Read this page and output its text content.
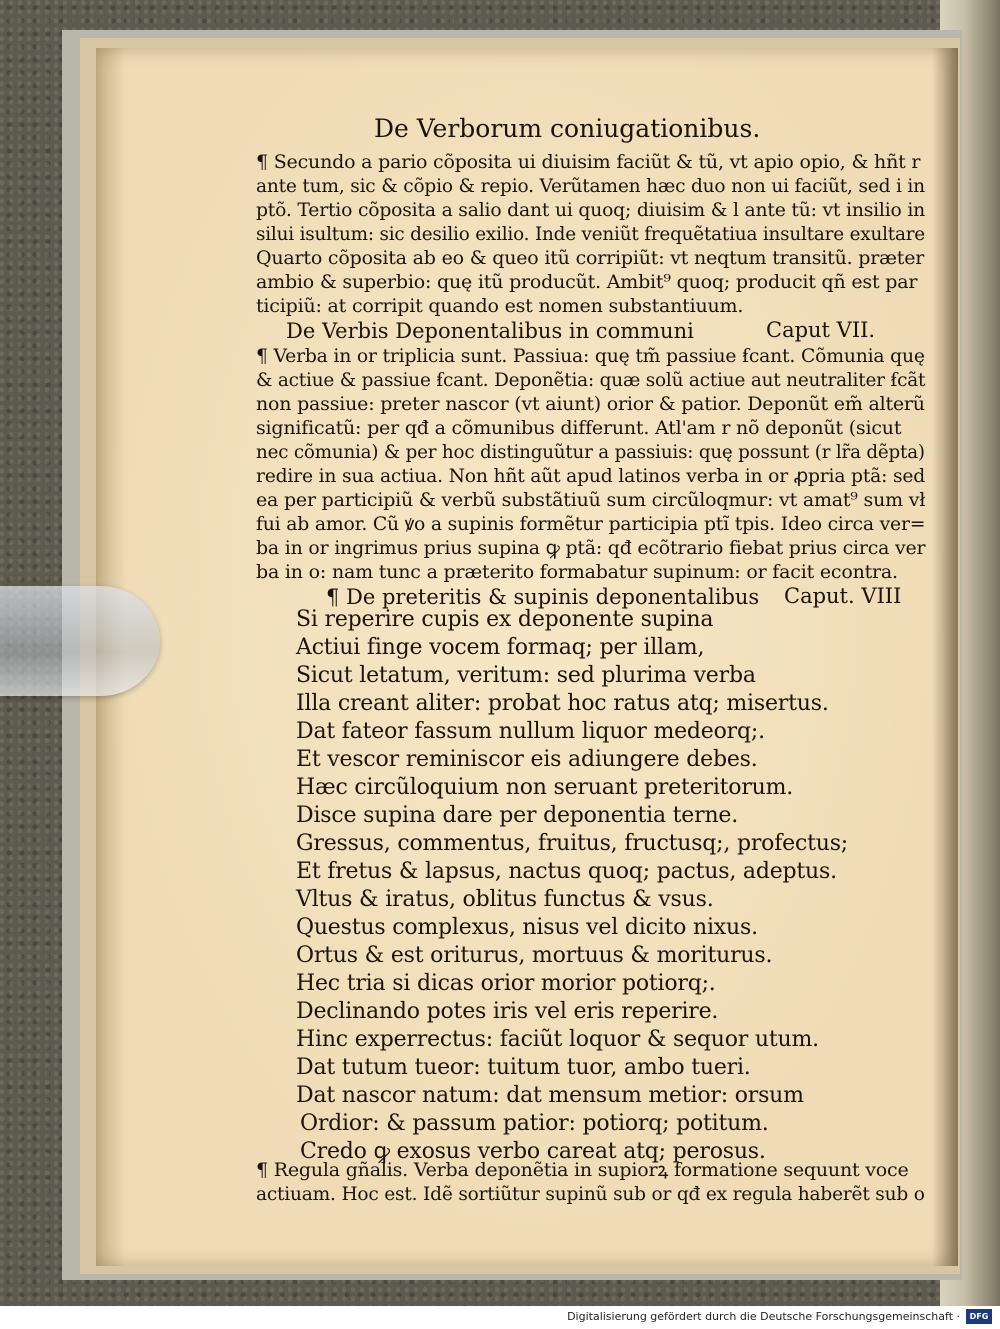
De Verborum coniugationibus.
¶ Secundo a pario cõposita ui diuisim faciũt & tũ, vt apio opio, & hñt r
ante tum, sic & cõpio & repio. Verũtamen hæc duo non ui faciũt, sed i in
ptõ. Tertio cõposita a salio dant ui quoq; diuisim & l ante tũ: vt insilio in
silui isultum: sic desilio exilio. Inde veniũt frequẽtatiua insultare exultare
Quarto cõposita ab eo & queo itũ corripiũt: vt neqtum transitũ. præter
ambio & superbio: quę itũ producũt. Ambit⁹ quoq; producit qñ est par
ticipiũ: at corripit quando est nomen substantiuum.
De Verbis Deponentalibus in communi	Caput VII.
¶ Verba in or triplicia sunt. Passiua: quę tm̃ passiue ẜcant. Cõmunia quę
& actiue & passiue ẜcant. Deponẽtia: quæ solũ actiue aut neutraliter ẜcãt
non passiue: preter nascor (vt aiunt) orior & patior. Deponũt em̃ alterũ
significatũ: per qđ a cõmunibus differunt. Atl'am r nõ deponũt (sicut
nec cõmunia) & per hoc distinguũtur a passiuis: quę possunt (r lr̃a dẽpta)
redire in sua actiua. Non hñt aũt apud latinos verba in or ꝓpria ptã: sed
ea per participiũ & verbũ substãtiuũ sum circũloqmur: vt amat⁹ sum vł
fui ab amor. Cũ ꝟo a supinis formẽtur participia ptĩ tpis. Ideo circa ver=
ba in or ingrimus prius supina ꝙ ptã: qđ ecõtrario fiebat prius circa ver
ba in o: nam tunc a præterito formabatur supinum: or facit econtra.
¶ De preteritis & supinis deponentalibus Caput. VIII
Si reperire cupis ex deponente supina
Actiui finge vocem formaq; per illam,
Sicut letatum, veritum: sed plurima verba
Illa creant aliter: probat hoc ratus atq; misertus.
Dat fateor fassum nullum liquor medeorq;.
Et vescor reminiscor eis adiungere debes.
Hæc circũloquium non seruant preteritorum.
Disce supina dare per deponentia terne.
Gressus, commentus, fruitus, fructusq;, profectus;
Et fretus & lapsus, nactus quoq; pactus, adeptus.
Vltus & iratus, oblitus functus & vsus.
Questus complexus, nisus vel dicito nixus.
Ortus & est oriturus, mortuus & moriturus.
Hec tria si dicas orior morior potiorq;.
Declinando potes iris vel eris reperire.
Hinc experrectus: faciũt loquor & sequor utum.
Dat tutum tueor: tuitum tuor, ambo tueri.
Dat nascor natum: dat mensum metior: orsum
Ordior: & passum patior: potiorq; potitum.
Credo ꝙ exosus verbo careat atq; perosus.
¶ Regula gñalis. Verba deponẽtia in supiorꝝ formatione sequunt voce
actiuam. Hoc est. Idẽ sortiũtur supinũ sub or qđ ex regula haberẽt sub o
Digitalisierung gefördert durch die Deutsche Forschungsgemeinschaft ·	DFG
